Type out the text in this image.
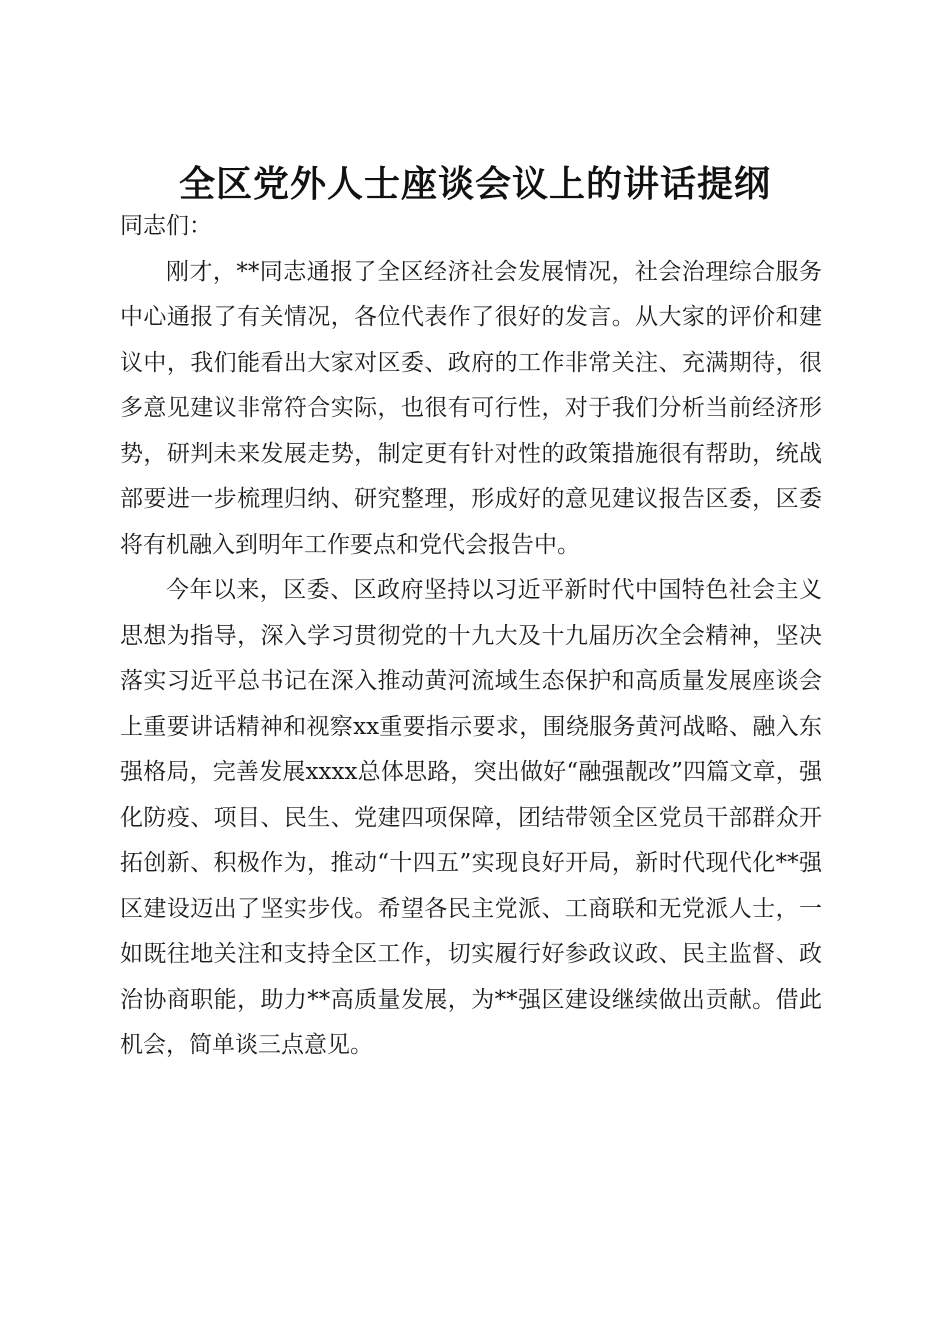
全区党外人士座谈会议上的讲话提纲

同志们：

刚才，**同志通报了全区经济社会发展情况，社会治理综合服务中心通报了有关情况，各位代表作了很好的发言。从大家的评价和建议中，我们能看出大家对区委、政府的工作非常关注、充满期待，很多意见建议非常符合实际，也很有可行性，对于我们分析当前经济形势，研判未来发展走势，制定更有针对性的政策措施很有帮助，统战部要进一步梳理归纳、研究整理，形成好的意见建议报告区委，区委将有机融入到明年工作要点和党代会报告中。

今年以来，区委、区政府坚持以习近平新时代中国特色社会主义思想为指导，深入学习贯彻党的十九大及十九届历次全会精神，坚决落实习近平总书记在深入推动黄河流域生态保护和高质量发展座谈会上重要讲话精神和视察xx重要指示要求，围绕服务黄河战略、融入东强格局，完善发展xxxx总体思路，突出做好“融强靓改”四篇文章，强化防疫、项目、民生、党建四项保障，团结带领全区党员干部群众开拓创新、积极作为，推动“十四五”实现良好开局，新时代现代化**强区建设迈出了坚实步伐。希望各民主党派、工商联和无党派人士，一如既往地关注和支持全区工作，切实履行好参政议政、民主监督、政治协商职能，助力**高质量发展，为**强区建设继续做出贡献。借此机会，简单谈三点意见。
